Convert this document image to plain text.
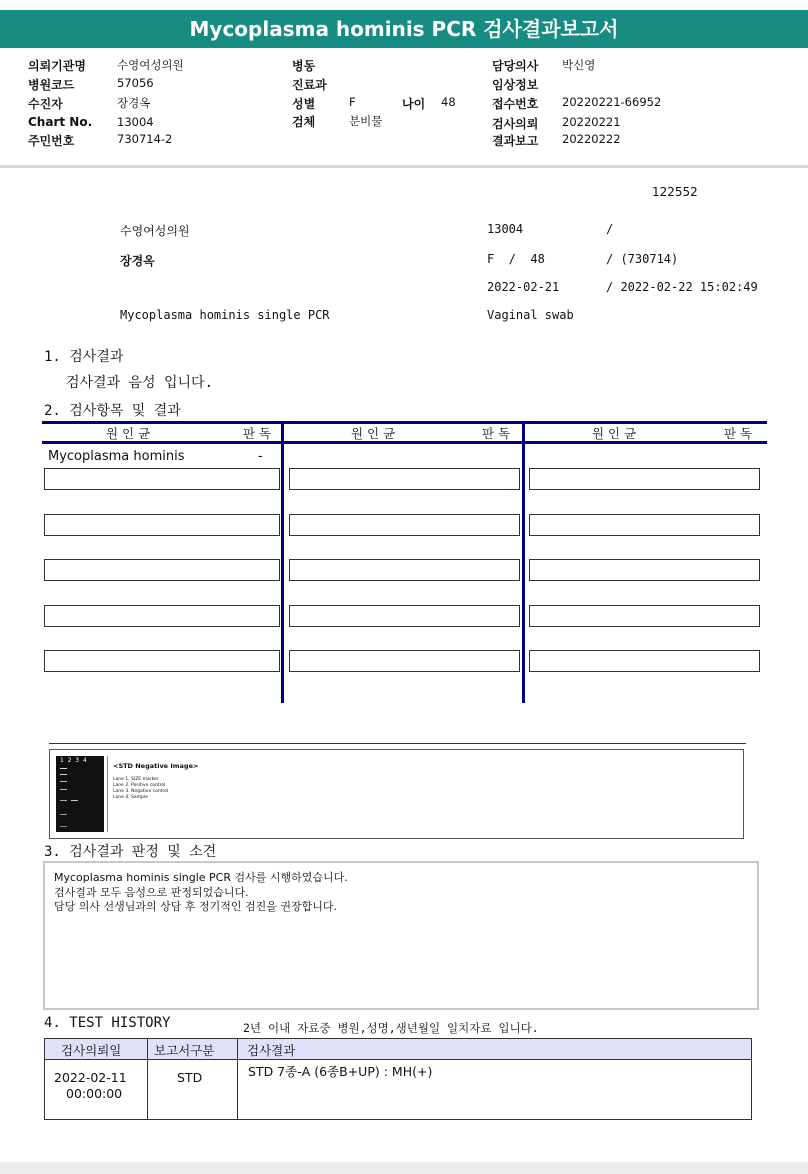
Mycoplasma hominis PCR 검사결과보고서
의뢰기관명	수영여성의원	병동	담당의사 박신영
병원코드	57056	진료과	임상정보
수진자	장경옥	성별	F	나이 48	접수번호 20220221-66952
Chart No. 13004	검체	분비물	검사의뢰 20220221
주민번호	730714-2	결과보고 20220222
122552
수영여성의원	13004	/
장경옥	F  /  48	/ (730714)
2022-02-21	/ 2022-02-22 15:02:49
Mycoplasma hominis single PCR	Vaginal swab
1. 검사결과
검사결과 음성 입니다.
2. 검사항목 및 결과
원 인 균	판 독	원 인 균	판 독	원 인 균	판 독
Mycoplasma hominis	-
1  2  3  4
<STD Negative Image>
Lane 1. SIZE marker
Lane 2. Positive control
Lane 3. Negative control
Lane 4. Sample
3. 검사결과 판정 및 소견
Mycoplasma hominis single PCR 검사를 시행하였습니다.
검사결과 모두 음성으로 판정되었습니다.
담당 의사 선생님과의 상담 후 정기적인 검진을 권장합니다.
4. TEST HISTORY	2년 이내 자료중 병원,성명,생년월일 일치자료 입니다.
검사의뢰일	보고서구분	검사결과
2022-02-11
00:00:00
STD	STD 7종-A (6종B+UP) : MH(+)
